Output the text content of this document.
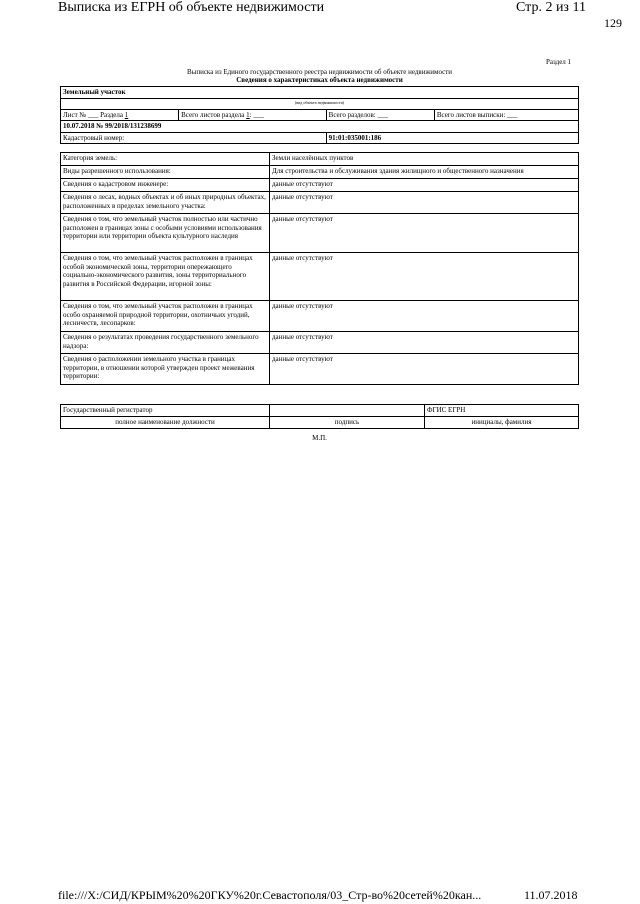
Выписка из ЕГРН об объекте недвижимости	Стр. 2 из 11
129
Раздел 1
Выписка из Единого государственного реестра недвижимости об объекте недвижимости
Сведения о характеристиках объекта недвижимости
Земельный участок			
(вид объекта недвижимости)			
Лист № ___ Раздела 1	Всего листов раздела 1: ___	Всего разделов: ___	Всего листов выписки: ___
10.07.2018 № 99/2018/131238699			
Кадастровый номер:		91:01:035001:186	
Категория земель:	Земли населённых пунктов
Виды разрешенного использования:	Для строительства и обслуживания здания жилищного и общественного назначения
Сведения о кадастровом инженере:	данные отсутствуют
Сведения о лесах, водных объектах и об иных природных объектах, расположенных в пределах земельного участка:	данные отсутствуют
Сведения о том, что земельный участок полностью или частично расположен в границах зоны с особыми условиями использования территории или территории объекта культурного наследия	данные отсутствуют
Сведения о том, что земельный участок расположен в границах особой экономической зоны, территории опережающего социально-экономического развития, зоны территориального развития в Российской Федерации, игорной зоны:	данные отсутствуют
Сведения о том, что земельный участок расположен в границах особо охраняемой природной территории, охотничьих угодий, лесничеств, лесопарков:	данные отсутствуют
Сведения о результатах проведения государственного земельного надзора:	данные отсутствуют
Сведения о расположении земельного участка в границах территории, в отношении которой утвержден проект межевания территории:	данные отсутствуют
Государственный регистратор		ФГИС ЕГРН
полное наименование должности	подпись	инициалы, фамилия
М.П.
file:///X:/СИД/КРЫМ%20%20ГКУ%20г.Севастополя/03_Стр-во%20сетей%20кан...	11.07.2018
